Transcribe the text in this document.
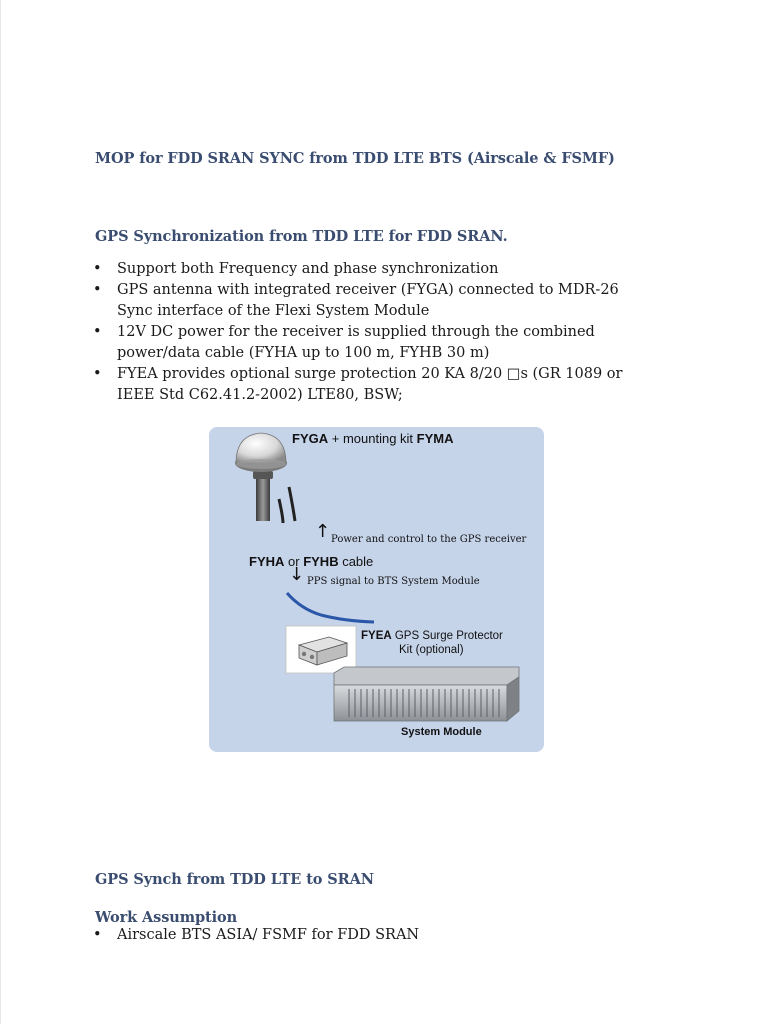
MOP for FDD SRAN SYNC from TDD LTE BTS (Airscale & FSMF)
GPS Synchronization from TDD LTE for FDD SRAN.
• Support both Frequency and phase synchronization
• GPS antenna with integrated receiver (FYGA) connected to MDR-26
Sync interface of the Flexi System Module
• 12V DC power for the receiver is supplied through the combined
power/data cable (FYHA up to 100 m, FYHB 30 m)
• FYEA provides optional surge protection 20 KA 8/20 □s (GR 1089 or
IEEE Std C62.41.2-2002) LTE80, BSW;
FYGA + mounting kit FYMA
↑ Power and control to the GPS receiver
FYHA or FYHB cable
↓ PPS signal to BTS System Module
FYEA GPS Surge Protector
Kit (optional)
System Module
GPS Synch from TDD LTE to SRAN
Work Assumption
• Airscale BTS ASIA/ FSMF for FDD SRAN
